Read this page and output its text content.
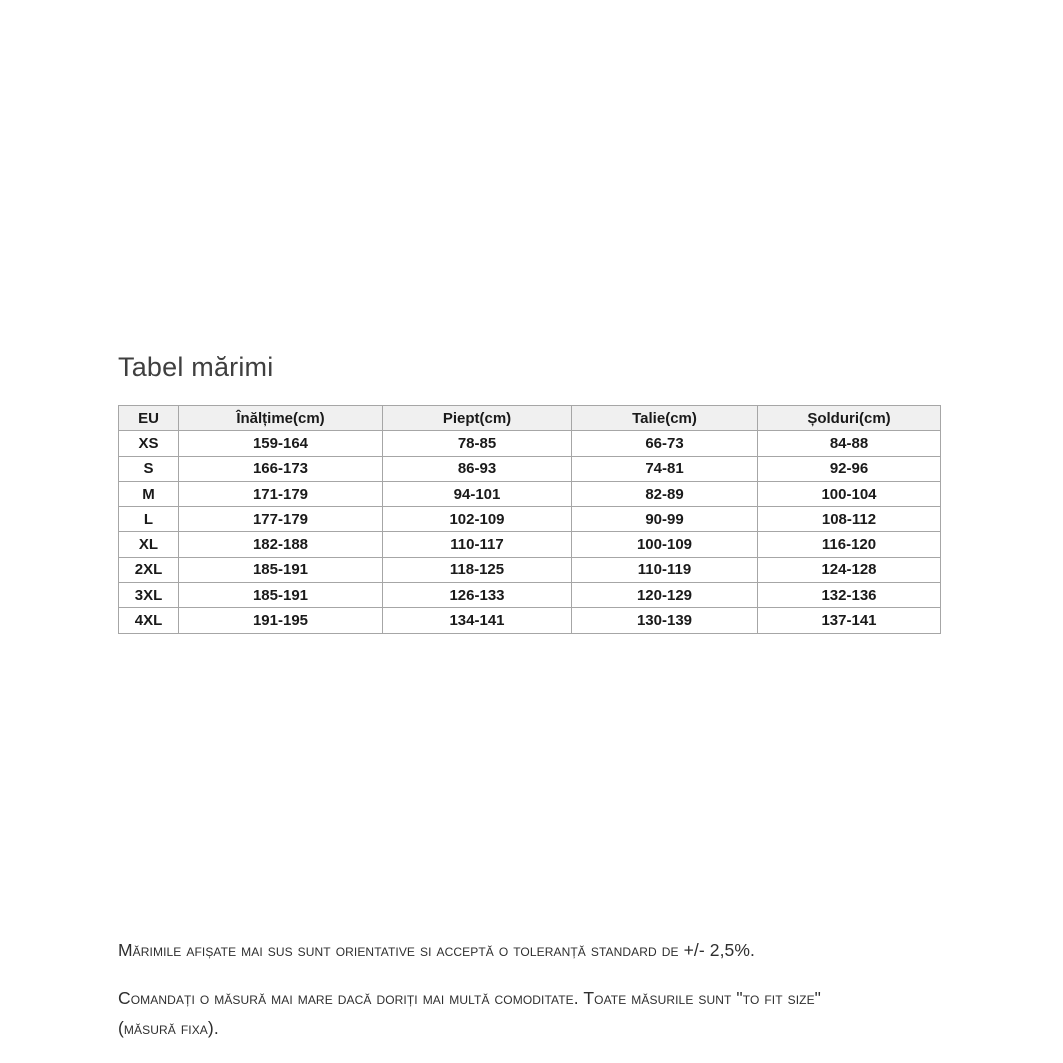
Tabel mărimi
EU	Înălțime(cm)	Piept(cm)	Talie(cm)	Șolduri(cm)
XS	159-164	78-85	66-73	84-88
S	166-173	86-93	74-81	92-96
M	171-179	94-101	82-89	100-104
L	177-179	102-109	90-99	108-112
XL	182-188	110-117	100-109	116-120
2XL	185-191	118-125	110-119	124-128
3XL	185-191	126-133	120-129	132-136
4XL	191-195	134-141	130-139	137-141
Mărimile afișate mai sus sunt orientative si acceptă o toleranță standard de +/- 2,5%.
Comandați o măsură mai mare dacă doriți mai multă comoditate. Toate măsurile sunt "to fit size"
(măsură fixa).
